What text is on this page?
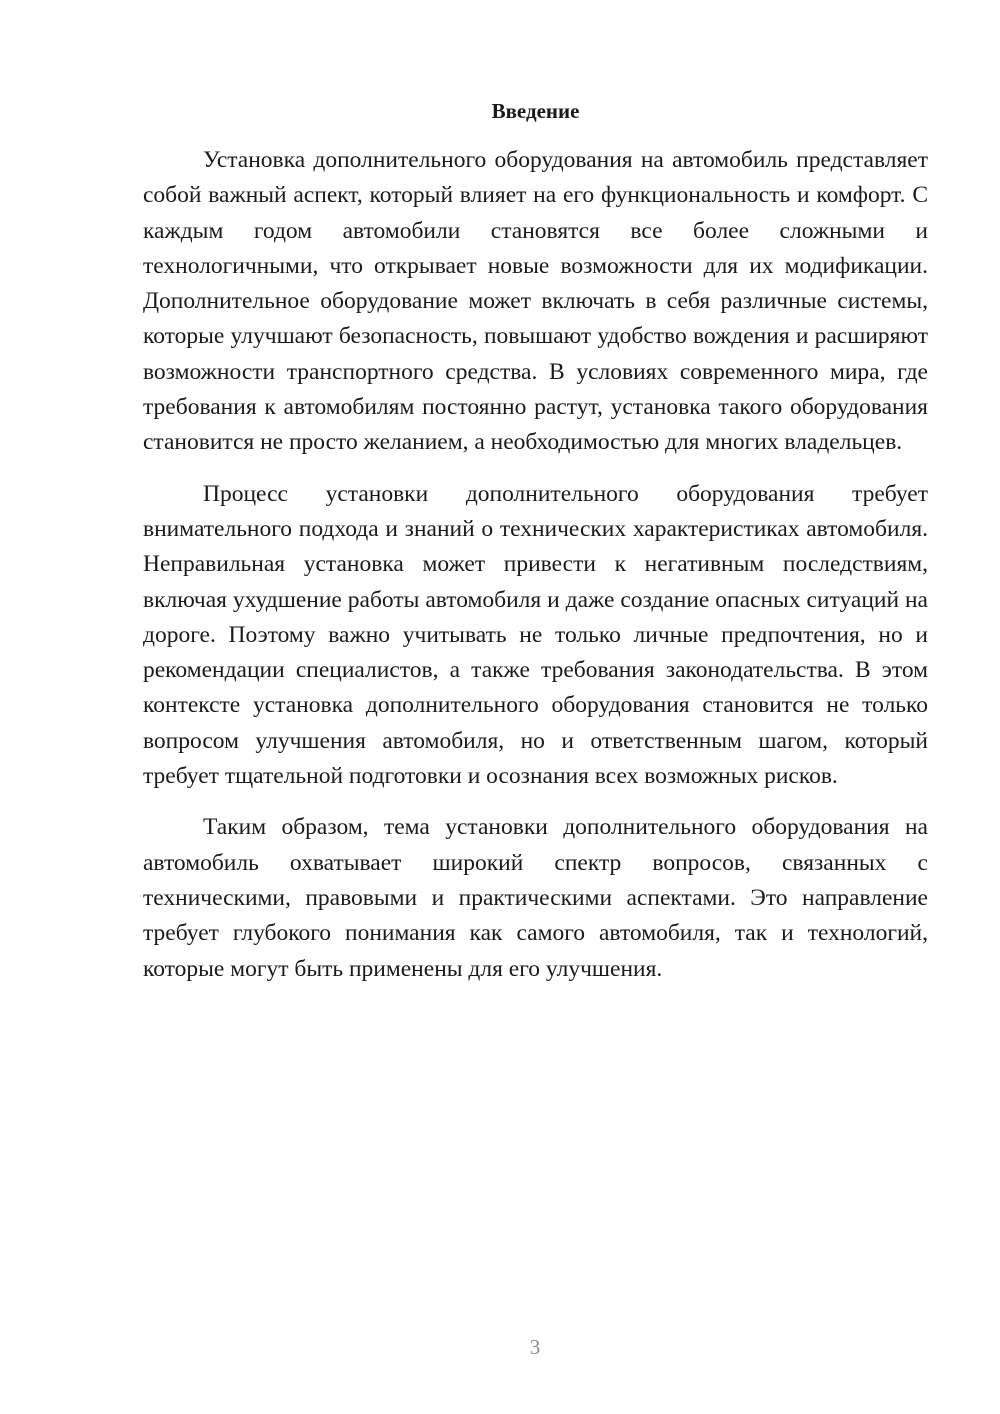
Введение

Установка дополнительного оборудования на автомобиль представляет собой важный аспект, который влияет на его функциональность и комфорт. С каждым годом автомобили становятся все более сложными и технологичными, что открывает новые возможности для их модификации. Дополнительное оборудование может включать в себя различные системы, которые улучшают безопасность, повышают удобство вождения и расширяют возможности транспортного средства. В условиях современного мира, где требования к автомобилям постоянно растут, установка такого оборудования становится не просто желанием, а необходимостью для многих владельцев.

Процесс установки дополнительного оборудования требует внимательного подхода и знаний о технических характеристиках автомобиля. Неправильная установка может привести к негативным последствиям, включая ухудшение работы автомобиля и даже создание опасных ситуаций на дороге. Поэтому важно учитывать не только личные предпочтения, но и рекомендации специалистов, а также требования законодательства. В этом контексте установка дополнительного оборудования становится не только вопросом улучшения автомобиля, но и ответственным шагом, который требует тщательной подготовки и осознания всех возможных рисков.

Таким образом, тема установки дополнительного оборудования на автомобиль охватывает широкий спектр вопросов, связанных с техническими, правовыми и практическими аспектами. Это направление требует глубокого понимания как самого автомобиля, так и технологий, которые могут быть применены для его улучшения.

3
